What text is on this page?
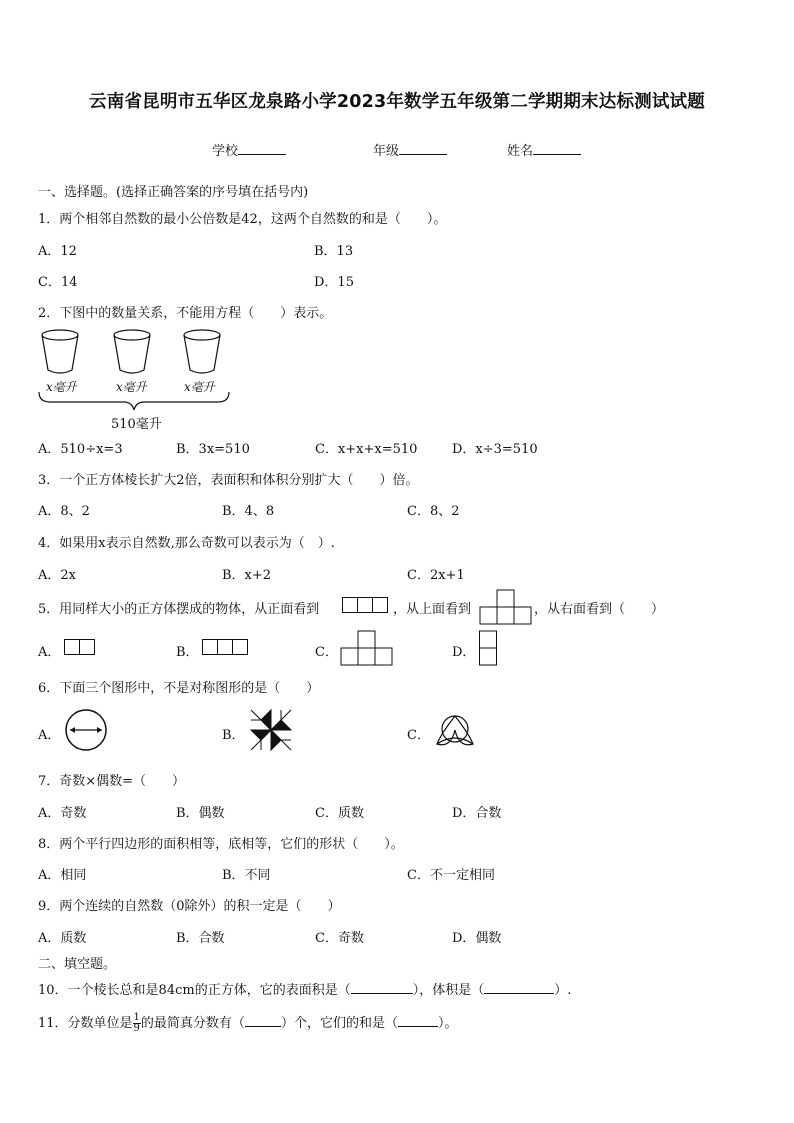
云南省昆明市五华区龙泉路小学2023年数学五年级第二学期期末达标测试试题
学校	年级	姓名
一、选择题。(选择正确答案的序号填在括号内)
1．两个相邻自然数的最小公倍数是42，这两个自然数的和是（　　）。
A．12	B．13
C．14	D．15
2．下图中的数量关系，不能用方程（　　）表示。
x毫升	x毫升	x毫升
510毫升
A．510÷x=3	B．3x=510	C．x+x+x=510	D．x÷3=510
3．一个正方体棱长扩大2倍，表面积和体积分别扩大（　　）倍。
A．8、2	B．4、8	C．8、2
4．如果用x表示自然数,那么奇数可以表示为（　）.
A．2x	B．x+2	C．2x+1
5．用同样大小的正方体摆成的物体，从正面看到	，从上面看到	，从右面看到（　　）
A．	B．	C．	D．
6．下面三个图形中，不是对称图形的是（　　）
A．	B．	C．
7．奇数×偶数=（　　）
A．奇数	B．偶数	C．质数	D．合数
8．两个平行四边形的面积相等，底相等，它们的形状（　　）。
A．相同	B．不同	C．不一定相同
9．两个连续的自然数（0除外）的积一定是（　　）
A．质数	B．合数	C．奇数	D．偶数
二、填空题。
10．一个棱长总和是84cm的正方体，它的表面积是（	），体积是（	）.
11．分数单位是 $\frac{1}{9}$ 的最简真分数有（	）个，它们的和是（	）。
